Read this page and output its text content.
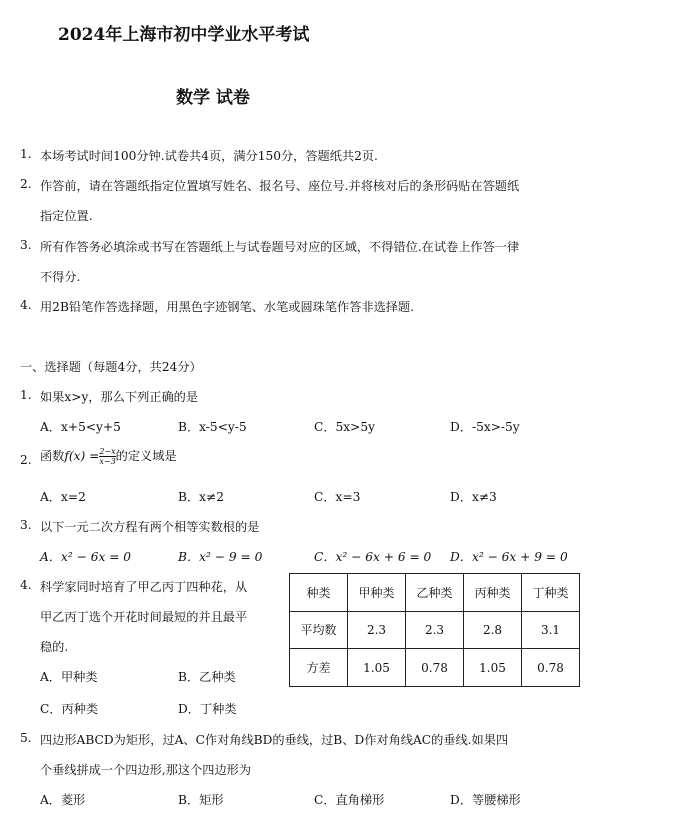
2024年上海市初中学业水平考试
数学 试卷
1. 本场考试时间100分钟.试卷共4页，满分150分，答题纸共2页.
2. 作答前，请在答题纸指定位置填写姓名、报名号、座位号.并将核对后的条形码贴在答题纸
指定位置.
3. 所有作答务必填涂或书写在答题纸上与试卷题号对应的区域，不得错位.在试卷上作答一律
不得分.
4. 用2B铅笔作答选择题，用黑色字迹钢笔、水笔或圆珠笔作答非选择题.
一、选择题（每题4分，共24分）
1. 如果x>y，那么下列正确的是
A．x+5<y+5	B．x-5<y-5	C．5x>5y	D．-5x>-5y
2. 函数$f(x) = \frac{2-x}{x-3}$ 的定义域是
A．x=2	B．x≠2	C．x=3	D．x≠3
3. 以下一元二次方程有两个相等实数根的是
A．x² − 6x = 0	B．x² − 9 = 0	C．x² − 6x + 6 = 0 D．x² − 6x + 9 = 0
4. 科学家同时培育了甲乙丙丁四种花，从
甲乙丙丁选个开花时间最短的并且最平
稳的.
A．甲种类	B．乙种类
C．丙种类	D．丁种类
种类	甲种类	乙种类	丙种类	丁种类
平均数	2.3	2.3	2.8	3.1
方差	1.05	0.78	1.05	0.78
5. 四边形ABCD为矩形，过A、C作对角线BD的垂线，过B、D作对角线AC的垂线.如果四
个垂线拼成一个四边形,那这个四边形为
A．菱形	B．矩形	C．直角梯形	D．等腰梯形
